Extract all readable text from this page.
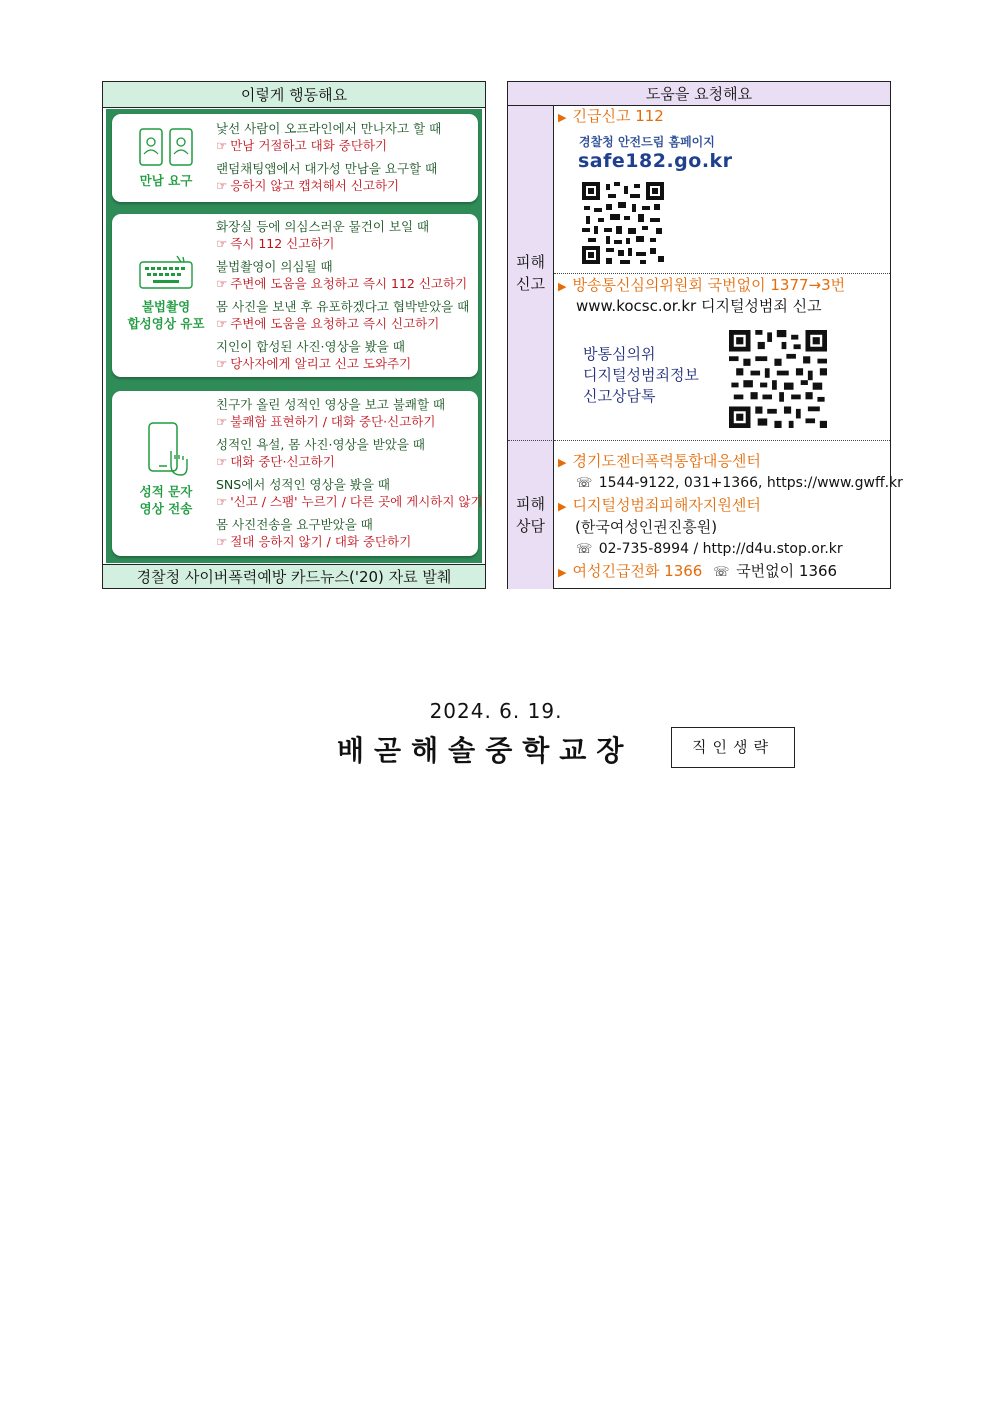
이렇게 행동해요
만남 요구
낯선 사람이 오프라인에서 만나자고 할 때
☞ 만남 거절하고 대화 중단하기
랜덤채팅앱에서 대가성 만남을 요구할 때
☞ 응하지 않고 캡쳐해서 신고하기
불법촬영
합성영상 유포
화장실 등에 의심스러운 물건이 보일 때
☞ 즉시 112 신고하기
불법촬영이 의심될 때
☞ 주변에 도움을 요청하고 즉시 112 신고하기
몸 사진을 보낸 후 유포하겠다고 협박받았을 때
☞ 주변에 도움을 요청하고 즉시 신고하기
지인이 합성된 사진·영상을 봤을 때
☞ 당사자에게 알리고 신고 도와주기
성적 문자
영상 전송
친구가 올린 성적인 영상을 보고 불쾌할 때
☞ 불쾌함 표현하기 / 대화 중단·신고하기
성적인 욕설, 몸 사진·영상을 받았을 때
☞ 대화 중단·신고하기
SNS에서 성적인 영상을 봤을 때
☞ '신고 / 스팸' 누르기 / 다른 곳에 게시하지 않기
몸 사진전송을 요구받았을 때
☞ 절대 응하지 않기 / 대화 중단하기
경찰청 사이버폭력예방 카드뉴스('20) 자료 발췌
도움을 요청해요
피해
신고
피해
상담
▶ 긴급신고 112
경찰청 안전드림 홈페이지
safe182.go.kr
▶ 방송통신심의위원회 국번없이 1377→3번
www.kocsc.or.kr 디지털성범죄 신고
방통심의위
디지털성범죄정보
신고상담톡
▶ 경기도젠더폭력통합대응센터
☏ 1544-9122, 031+1366, https://www.gwff.kr
▶ 디지털성범죄피해자지원센터
(한국여성인권진흥원)
☏ 02-735-8994 / http://d4u.stop.or.kr
▶ 여성긴급전화 1366 ☏ 국번없이 1366
2024. 6. 19.
배곧해솔중학교장	직인생략
